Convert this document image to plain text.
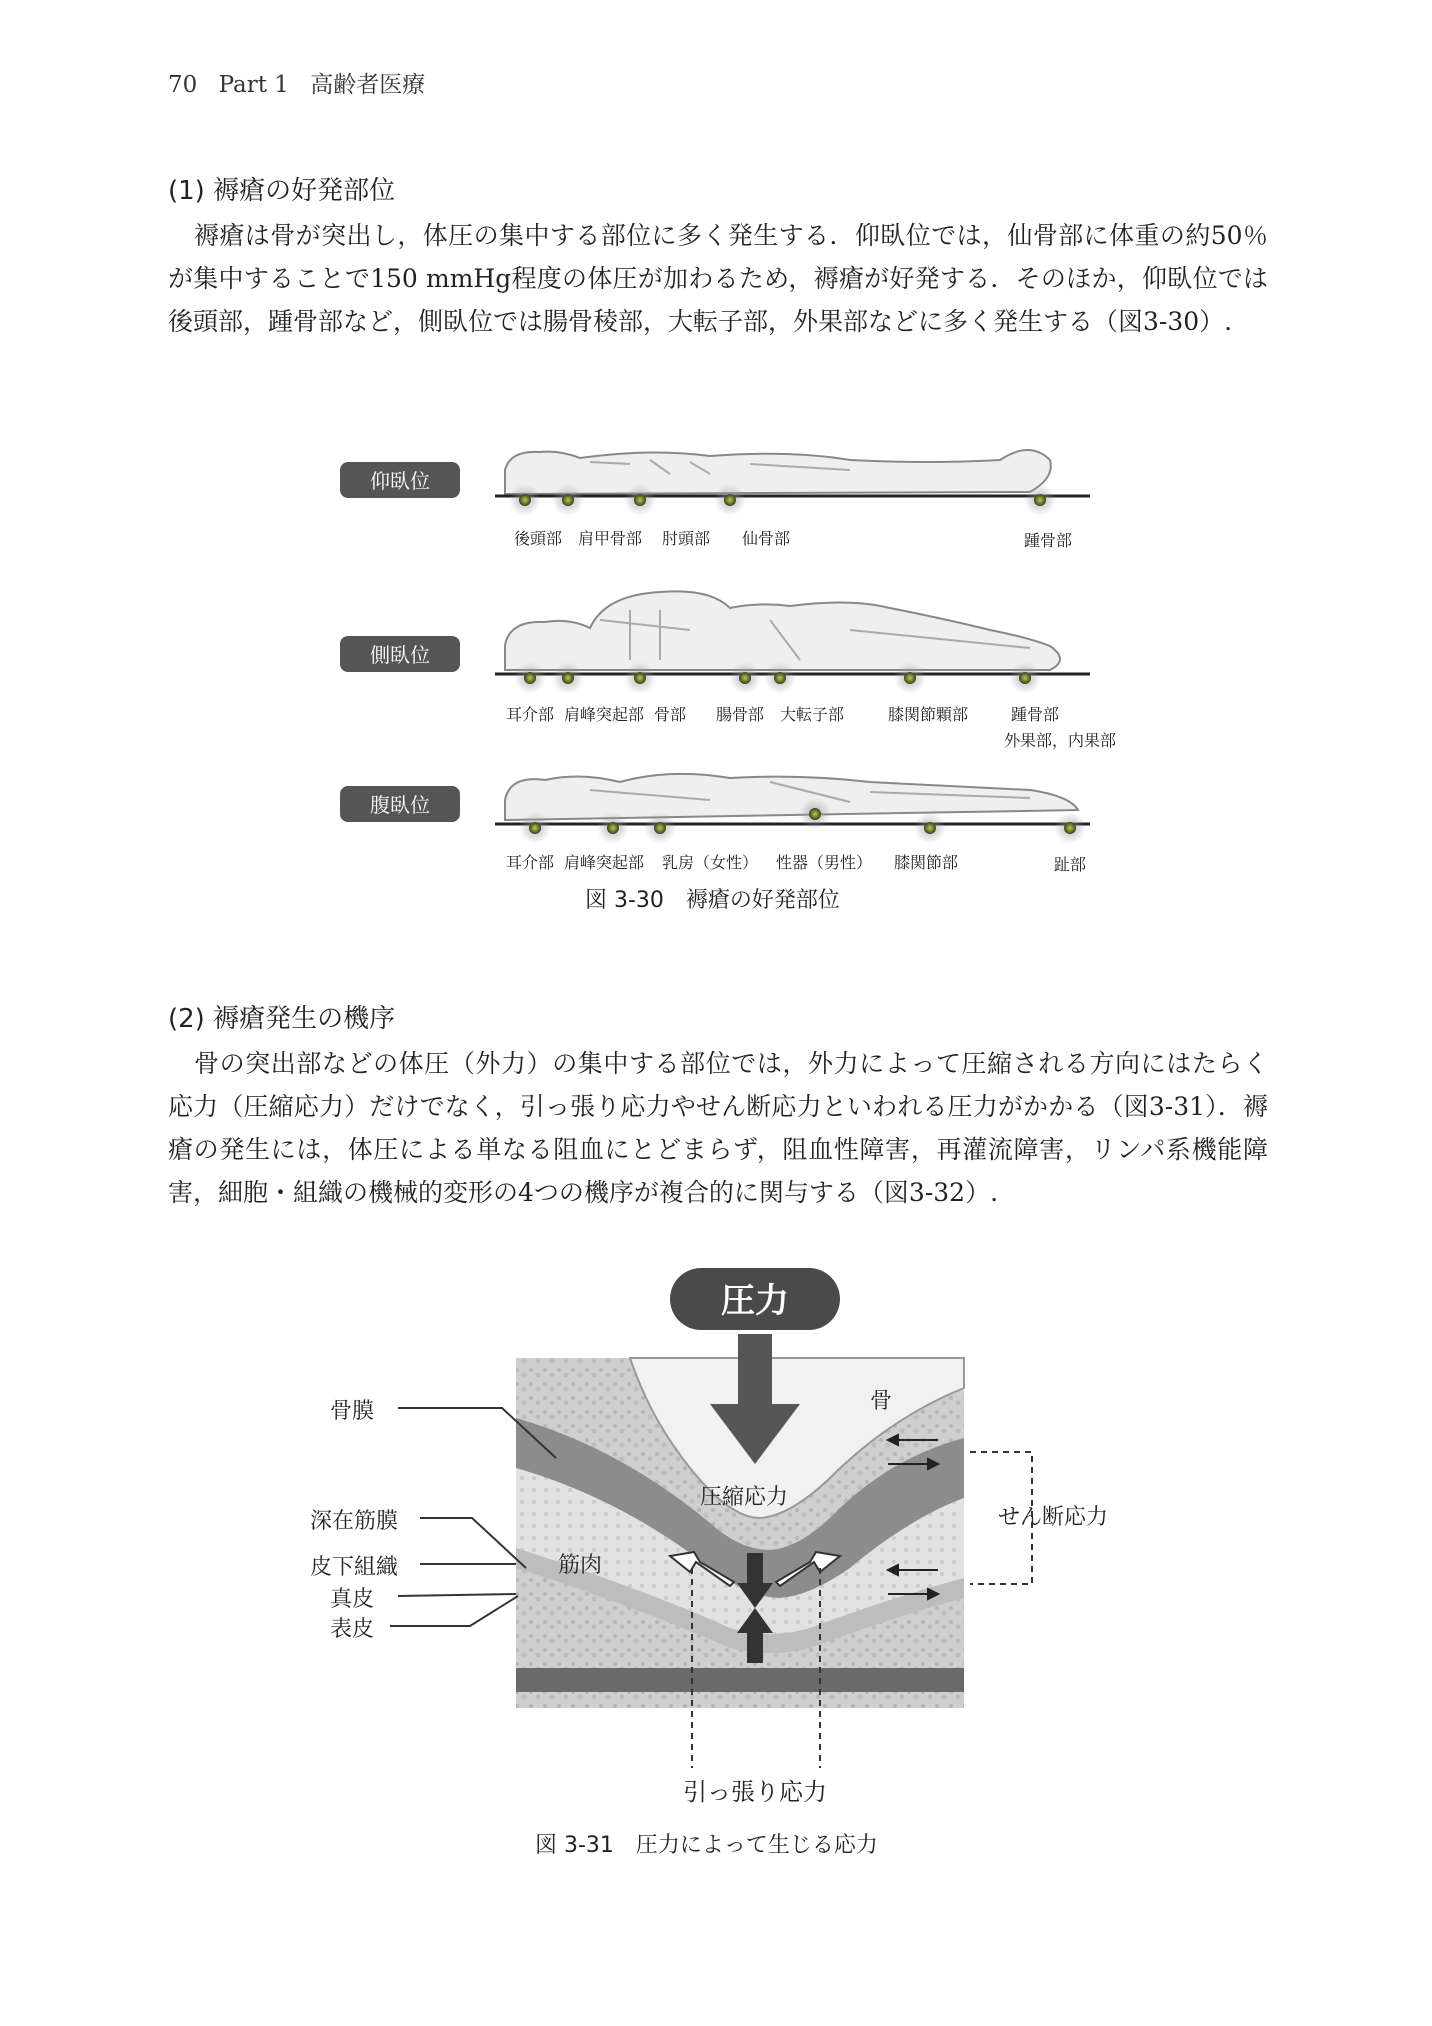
70 Part 1 高齢者医療
(1) 褥瘡の好発部位

褥瘡は骨が突出し，体圧の集中する部位に多く発生する．仰臥位では，仙骨部に体重の約50％が集中することで150 mmHg程度の体圧が加わるため，褥瘡が好発する．そのほか，仰臥位では後頭部，踵骨部など，側臥位では腸骨稜部，大転子部，外果部などに多く発生する（図3-30）.

仰臥位
後頭部 肩甲骨部 肘頭部 仙骨部	踵骨部
側臥位
耳介部 肩峰突起部 骨部 腸骨部 大転子部	膝関節顆部	踵骨部
外果部，内果部
腹臥位
耳介部 肩峰突起部 乳房（女性） 性器（男性） 膝関節部	趾部
図 3-30　褥瘡の好発部位
(2) 褥瘡発生の機序

骨の突出部などの体圧（外力）の集中する部位では，外力によって圧縮される方向にはたらく応力（圧縮応力）だけでなく，引っ張り応力やせん断応力といわれる圧力がかかる（図3-31）．褥瘡の発生には，体圧による単なる阻血にとどまらず，阻血性障害，再灌流障害，リンパ系機能障害，細胞・組織の機械的変形の4つの機序が複合的に関与する（図3-32）.

圧力
骨
圧縮応力
筋肉
せん断応力
引っ張り応力
骨膜
深在筋膜
皮下組織
真皮
表皮
図 3-31　圧力によって生じる応力
